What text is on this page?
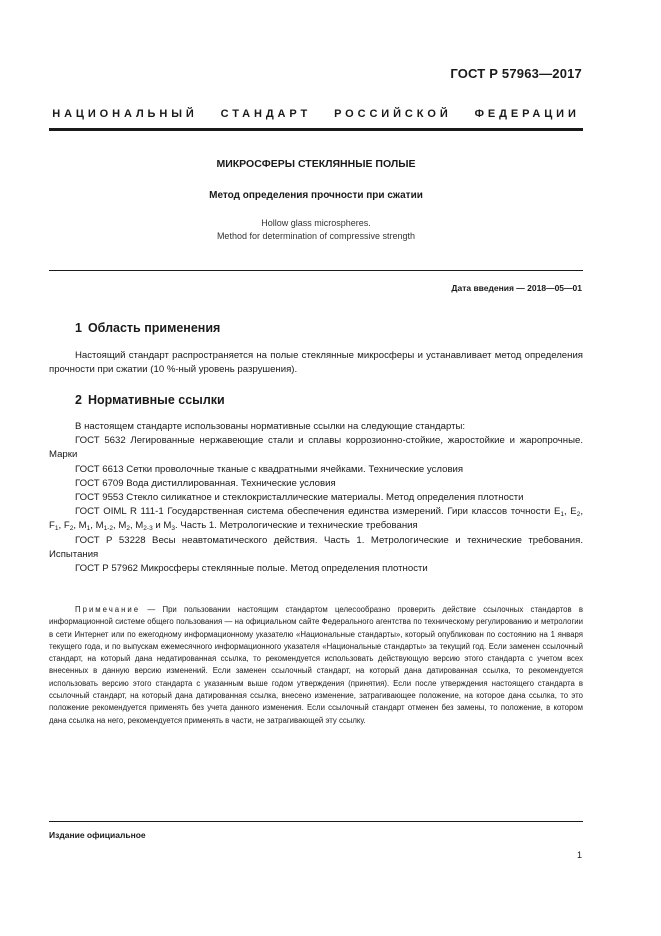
ГОСТ Р 57963—2017
НАЦИОНАЛЬНЫЙ СТАНДАРТ РОССИЙСКОЙ ФЕДЕРАЦИИ
МИКРОСФЕРЫ СТЕКЛЯННЫЕ ПОЛЫЕ
Метод определения прочности при сжатии
Hollow glass microspheres.
Method for determination of compressive strength
Дата введения — 2018—05—01
1 Область применения

Настоящий стандарт распространяется на полые стеклянные микросферы и устанавливает метод определения прочности при сжатии (10 %-ный уровень разрушения).

2 Нормативные ссылки

В настоящем стандарте использованы нормативные ссылки на следующие стандарты:

ГОСТ 5632 Легированные нержавеющие стали и сплавы коррозионно-стойкие, жаростойкие и жаропрочные. Марки

ГОСТ 6613 Сетки проволочные тканые с квадратными ячейками. Технические условия

ГОСТ 6709 Вода дистиллированная. Технические условия

ГОСТ 9553 Стекло силикатное и стеклокристаллические материалы. Метод определения плотности

ГОСТ OIML R 111-1 Государственная система обеспечения единства измерений. Гири классов точности $E_1$, $E_2$, $F_1$, $F_2$, $M_1$, $M_{1-2}$, $M_2$, $M_{2-3}$ и $M_3$. Часть 1. Метрологические и технические требования

ГОСТ Р 53228 Весы неавтоматического действия. Часть 1. Метрологические и технические требования. Испытания

ГОСТ Р 57962 Микросферы стеклянные полые. Метод определения плотности

Примечание — При пользовании настоящим стандартом целесообразно проверить действие ссылочных стандартов в информационной системе общего пользования — на официальном сайте Федерального агентства по техническому регулированию и метрологии в сети Интернет или по ежегодному информационному указателю «Национальные стандарты», который опубликован по состоянию на 1 января текущего года, и по выпускам ежемесячного информационного указателя «Национальные стандарты» за текущий год. Если заменен ссылочный стандарт, на который дана недатированная ссылка, то рекомендуется использовать действующую версию этого стандарта с учетом всех внесенных в данную версию изменений. Если заменен ссылочный стандарт, на который дана датированная ссылка, то рекомендуется использовать версию этого стандарта с указанным выше годом утверждения (принятия). Если после утверждения настоящего стандарта в ссылочный стандарт, на который дана датированная ссылка, внесено изменение, затрагивающее положение, на которое дана ссылка, то это положение рекомендуется применять без учета данного изменения. Если ссылочный стандарт отменен без замены, то положение, в котором дана ссылка на него, рекомендуется применять в части, не затрагивающей эту ссылку.

Издание официальное
1
